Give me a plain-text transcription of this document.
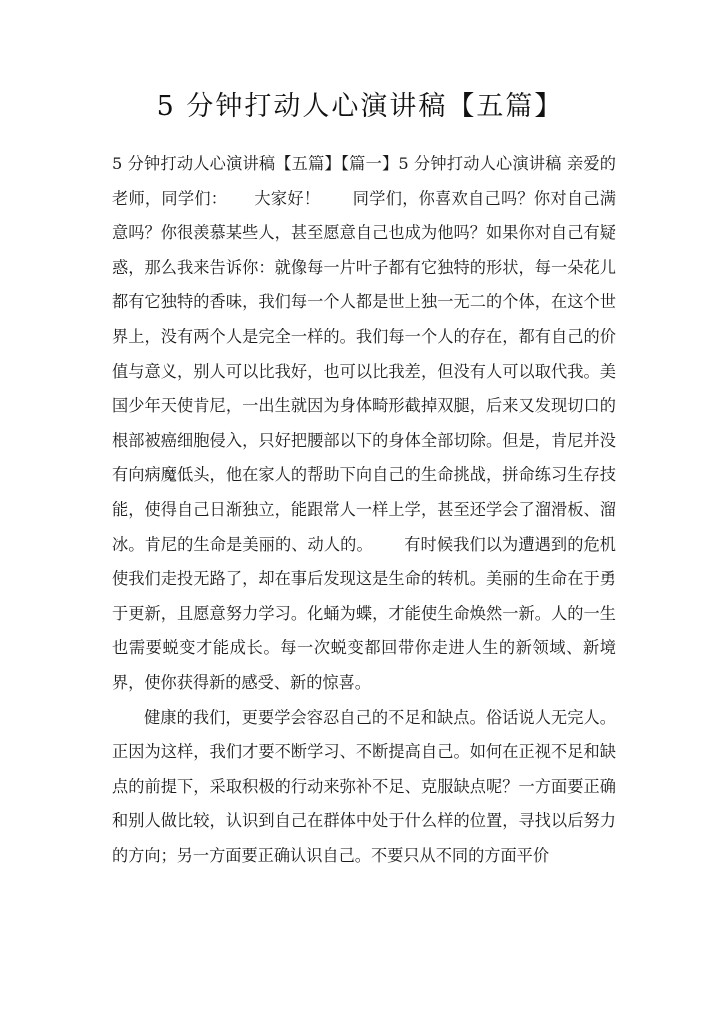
5 分钟打动人心演讲稿【五篇】

5 分钟打动人心演讲稿【五篇】【篇一】5 分钟打动人心演讲稿 亲爱的老师，同学们：     大家好！      同学们，你喜欢自己吗？你对自己满意吗？你很羡慕某些人，甚至愿意自己也成为他吗？如果你对自己有疑惑，那么我来告诉你：就像每一片叶子都有它独特的形状，每一朵花儿都有它独特的香味，我们每一个人都是世上独一无二的个体，在这个世界上，没有两个人是完全一样的。我们每一个人的存在，都有自己的价值与意义，别人可以比我好，也可以比我差，但没有人可以取代我。美国少年天使肯尼，一出生就因为身体畸形截掉双腿，后来又发现切口的根部被癌细胞侵入，只好把腰部以下的身体全部切除。但是，肯尼并没有向病魔低头，他在家人的帮助下向自己的生命挑战，拼命练习生存技能，使得自己日渐独立，能跟常人一样上学，甚至还学会了溜滑板、溜冰。肯尼的生命是美丽的、动人的。      有时候我们以为遭遇到的危机使我们走投无路了，却在事后发现这是生命的转机。美丽的生命在于勇于更新，且愿意努力学习。化蛹为蝶，才能使生命焕然一新。人的一生也需要蜕变才能成长。每一次蜕变都回带你走进人生的新领域、新境界，使你获得新的感受、新的惊喜。

健康的我们，更要学会容忍自己的不足和缺点。俗话说人无完人。正因为这样，我们才要不断学习、不断提高自己。如何在正视不足和缺点的前提下，采取积极的行动来弥补不足、克服缺点呢？一方面要正确和别人做比较，认识到自己在群体中处于什么样的位置，寻找以后努力的方向；另一方面要正确认识自己。不要只从不同的方面平价
